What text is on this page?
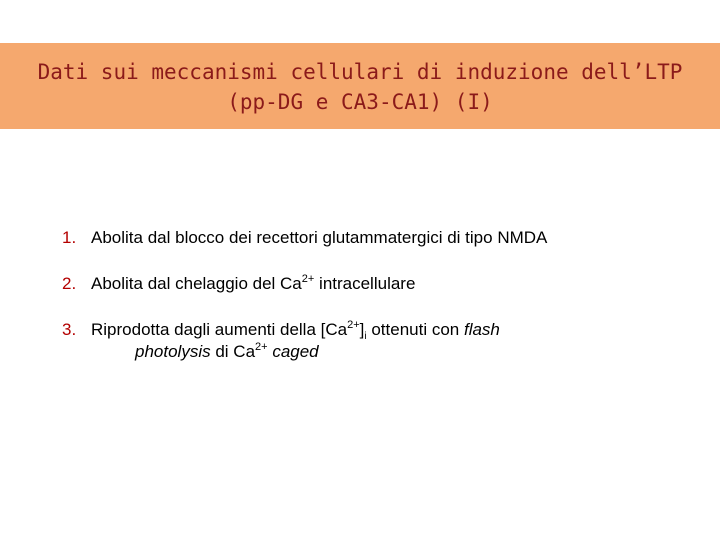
Dati sui meccanismi cellulari di induzione dell’LTP
(pp-DG e CA3-CA1) (I)
1. Abolita dal blocco dei recettori glutammatergici di tipo NMDA
2. Abolita dal chelaggio del $Ca^{2+}$ intracellulare
3. Riprodotta dagli aumenti della $[Ca^{2+}]_i$ ottenuti con flash
photolysis di $Ca^{2+}$ caged
